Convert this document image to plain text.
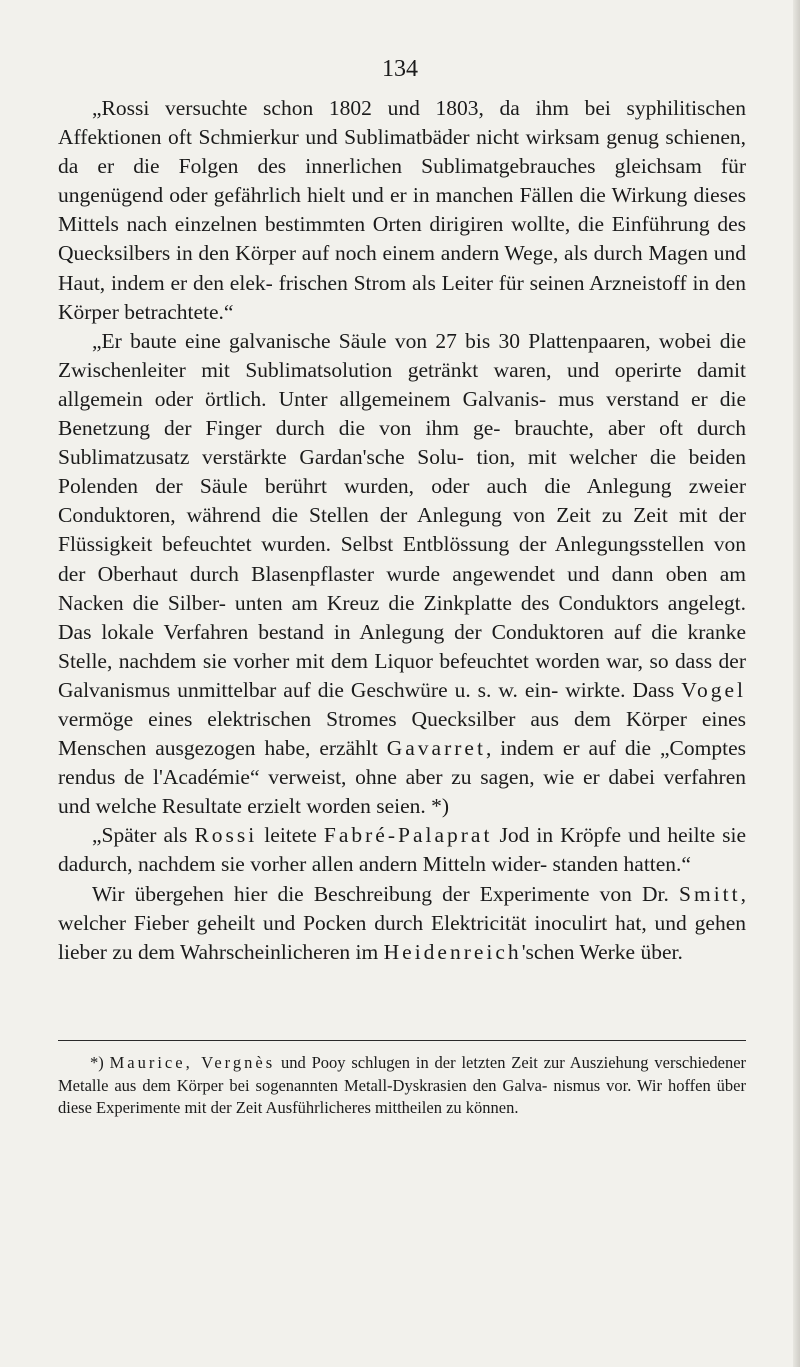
134

„Rossi versuchte schon 1802 und 1803, da ihm bei syphilitischen Affektionen oft Schmierkur und Sublimatbäder nicht wirksam genug schienen, da er die Folgen des innerlichen Sublimatgebrauches gleichsam für ungenügend oder gefährlich hielt und er in manchen Fällen die Wirkung dieses Mittels nach einzelnen bestimmten Orten dirigiren wollte, die Einführung des Quecksilbers in den Körper auf noch einem andern Wege, als durch Magen und Haut, indem er den elek- frischen Strom als Leiter für seinen Arzneistoff in den Körper betrachtete.“

„Er baute eine galvanische Säule von 27 bis 30 Plattenpaaren, wobei die Zwischenleiter mit Sublimatsolution getränkt waren, und operirte damit allgemein oder örtlich. Unter allgemeinem Galvanis- mus verstand er die Benetzung der Finger durch die von ihm ge- brauchte, aber oft durch Sublimatzusatz verstärkte Gardan'sche Solu- tion, mit welcher die beiden Polenden der Säule berührt wurden, oder auch die Anlegung zweier Conduktoren, während die Stellen der Anlegung von Zeit zu Zeit mit der Flüssigkeit befeuchtet wurden. Selbst Entblössung der Anlegungsstellen von der Oberhaut durch Blasenpflaster wurde angewendet und dann oben am Nacken die Silber- unten am Kreuz die Zinkplatte des Conduktors angelegt. Das lokale Verfahren bestand in Anlegung der Conduktoren auf die kranke Stelle, nachdem sie vorher mit dem Liquor befeuchtet worden war, so dass der Galvanismus unmittelbar auf die Geschwüre u. s. w. ein- wirkte. Dass Vogel vermöge eines elektrischen Stromes Quecksilber aus dem Körper eines Menschen ausgezogen habe, erzählt Gavarret, indem er auf die „Comptes rendus de l'Académie“ verweist, ohne aber zu sagen, wie er dabei verfahren und welche Resultate erzielt worden seien. *)

„Später als Rossi leitete Fabré-Palaprat Jod in Kröpfe und heilte sie dadurch, nachdem sie vorher allen andern Mitteln wider- standen hatten.“

Wir übergehen hier die Beschreibung der Experimente von Dr. Smitt, welcher Fieber geheilt und Pocken durch Elektricität inoculirt hat, und gehen lieber zu dem Wahrscheinlicheren im Heidenreich'schen Werke über.

*) Maurice, Vergnès und Pooy schlugen in der letzten Zeit zur Ausziehung verschiedener Metalle aus dem Körper bei sogenannten Metall-Dyskrasien den Galva- nismus vor. Wir hoffen über diese Experimente mit der Zeit Ausführlicheres mittheilen zu können.
